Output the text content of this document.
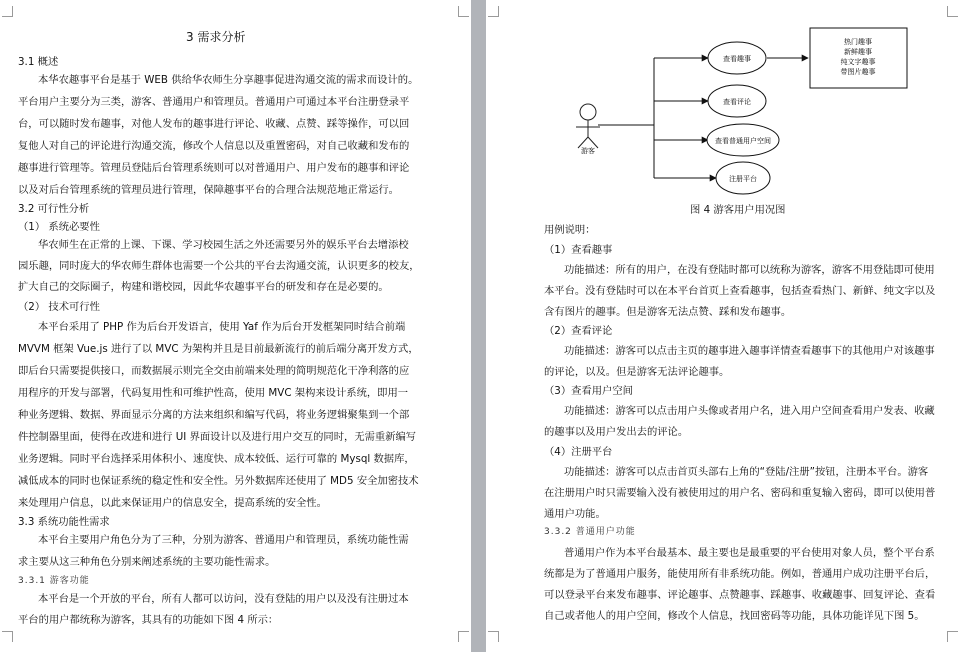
3 需求分析
3.1 概述
本华农趣事平台是基于 WEB 供给华农师生分享趣事促进沟通交流的需求而设计的。
平台用户主要分为三类，游客、普通用户和管理员。普通用户可通过本平台注册登录平
台，可以随时发布趣事，对他人发布的趣事进行评论、收藏、点赞、踩等操作，可以回
复他人对自己的评论进行沟通交流，修改个人信息以及重置密码，对自己收藏和发布的
趣事进行管理等。管理员登陆后台管理系统则可以对普通用户、用户发布的趣事和评论
以及对后台管理系统的管理员进行管理，保障趣事平台的合理合法规范地正常运行。
3.2 可行性分析
（1） 系统必要性
华农师生在正常的上课、下课、学习校园生活之外还需要另外的娱乐平台去增添校
园乐趣，同时庞大的华农师生群体也需要一个公共的平台去沟通交流，认识更多的校友，
扩大自己的交际圈子，构建和谐校园，因此华农趣事平台的研发和存在是必要的。
（2） 技术可行性
本平台采用了 PHP 作为后台开发语言，使用 Yaf 作为后台开发框架同时结合前端
MVVM 框架 Vue.js 进行了以 MVC 为架构并且是目前最新流行的前后端分离开发方式，
即后台只需要提供接口，而数据展示则完全交由前端来处理的简明规范化干净利落的应
用程序的开发与部署，代码复用性和可维护性高，使用 MVC 架构来设计系统，即用一
种业务逻辑、数据、界面显示分离的方法来组织和编写代码，将业务逻辑聚集到一个部
件控制器里面，使得在改进和进行 UI 界面设计以及进行用户交互的同时，无需重新编写
业务逻辑。同时平台选择采用体积小、速度快、成本较低、运行可靠的 Mysql 数据库，
减低成本的同时也保证系统的稳定性和安全性。另外数据库还使用了 MD5 安全加密技术
来处理用户信息，以此来保证用户的信息安全，提高系统的安全性。
3.3 系统功能性需求
本平台主要用户角色分为了三种，分别为游客、普通用户和管理员，系统功能性需
求主要从这三种角色分别来阐述系统的主要功能性需求。
3.3.1 游客功能
本平台是一个开放的平台，所有人都可以访问，没有登陆的用户以及没有注册过本
平台的用户都统称为游客，其具有的功能如下图 4 所示：
游客
查看趣事
查看评论
查看普通用户空间
注册平台
热门趣事
新鲜趣事
纯文字趣事
带图片趣事
图 4 游客用户用况图
用例说明：
（1）查看趣事
功能描述：所有的用户，在没有登陆时都可以统称为游客，游客不用登陆即可使用
本平台。没有登陆时可以在本平台首页上查看趣事，包括查看热门、新鲜、纯文字以及
含有图片的趣事。但是游客无法点赞、踩和发布趣事。
（2）查看评论
功能描述：游客可以点击主页的趣事进入趣事详情查看趣事下的其他用户对该趣事
的评论，以及。但是游客无法评论趣事。
（3）查看用户空间
功能描述：游客可以点击用户头像或者用户名，进入用户空间查看用户发表、收藏
的趣事以及用户发出去的评论。
（4）注册平台
功能描述：游客可以点击首页头部右上角的“登陆/注册”按钮，注册本平台。游客
在注册用户时只需要输入没有被使用过的用户名、密码和重复输入密码，即可以使用普
通用户功能。
3.3.2 普通用户功能
普通用户作为本平台最基本、最主要也是最重要的平台使用对象人员，整个平台系
统都是为了普通用户服务，能使用所有非系统功能。例如，普通用户成功注册平台后，
可以登录平台来发布趣事、评论趣事、点赞趣事、踩趣事、收藏趣事、回复评论、查看
自己或者他人的用户空间，修改个人信息，找回密码等功能，具体功能详见下图 5。
